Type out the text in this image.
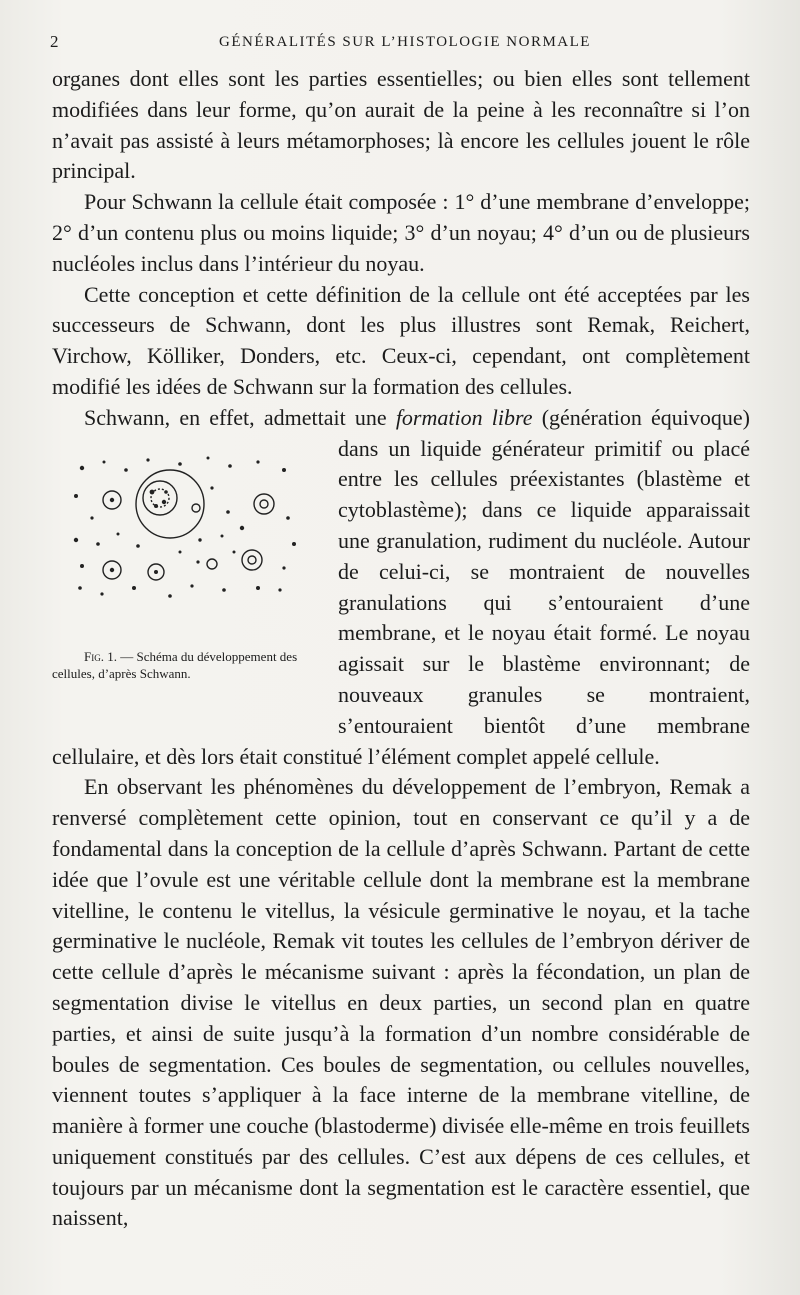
2	GÉNÉRALITÉS SUR L’HISTOLOGIE NORMALE

organes dont elles sont les parties essentielles; ou bien elles sont tellement modifiées dans leur forme, qu’on aurait de la peine à les reconnaître si l’on n’avait pas assisté à leurs métamorphoses; là encore les cellules jouent le rôle principal.

Pour Schwann la cellule était composée : 1° d’une membrane d’enveloppe; 2° d’un contenu plus ou moins liquide; 3° d’un noyau; 4° d’un ou de plusieurs nucléoles inclus dans l’intérieur du noyau.

Cette conception et cette définition de la cellule ont été acceptées par les successeurs de Schwann, dont les plus illustres sont Remak, Reichert, Virchow, Kölliker, Donders, etc. Ceux-ci, cependant, ont complètement modifié les idées de Schwann sur la formation des cellules.

Schwann, en effet, admettait une formation libre
Fig. 1. — Schéma du développement des cellules, d’après Schwann.
(génération équivoque) dans un liquide générateur primitif ou placé entre les cellules préexistantes (blastème et cytoblastème); dans ce liquide apparaissait une granulation, rudiment du nucléole. Autour de celui-ci, se montraient de nouvelles granulations qui s’entouraient d’une membrane, et le noyau était formé. Le noyau agissait sur le blastème environnant; de nouveaux granules se montraient, s’entouraient bientôt d’une membrane cellulaire, et dès lors était constitué l’élément complet appelé cellule.

En observant les phénomènes du développement de l’embryon, Remak a renversé complètement cette opinion, tout en conservant ce qu’il y a de fondamental dans la conception de la cellule d’après Schwann. Partant de cette idée que l’ovule est une véritable cellule dont la membrane est la membrane vitelline, le contenu le vitellus, la vésicule germinative le noyau, et la tache germinative le nucléole, Remak vit toutes les cellules de l’embryon dériver de cette cellule d’après le mécanisme suivant : après la fécondation, un plan de segmentation divise le vitellus en deux parties, un second plan en quatre parties, et ainsi de suite jusqu’à la formation d’un nombre considérable de boules de segmentation. Ces boules de segmentation, ou cellules nouvelles, viennent toutes s’appliquer à la face interne de la membrane vitelline, de manière à former une couche (blastoderme) divisée elle-même en trois feuillets uniquement constitués par des cellules. C’est aux dépens de ces cellules, et toujours par un mécanisme dont la segmentation est le caractère essentiel, que naissent,
